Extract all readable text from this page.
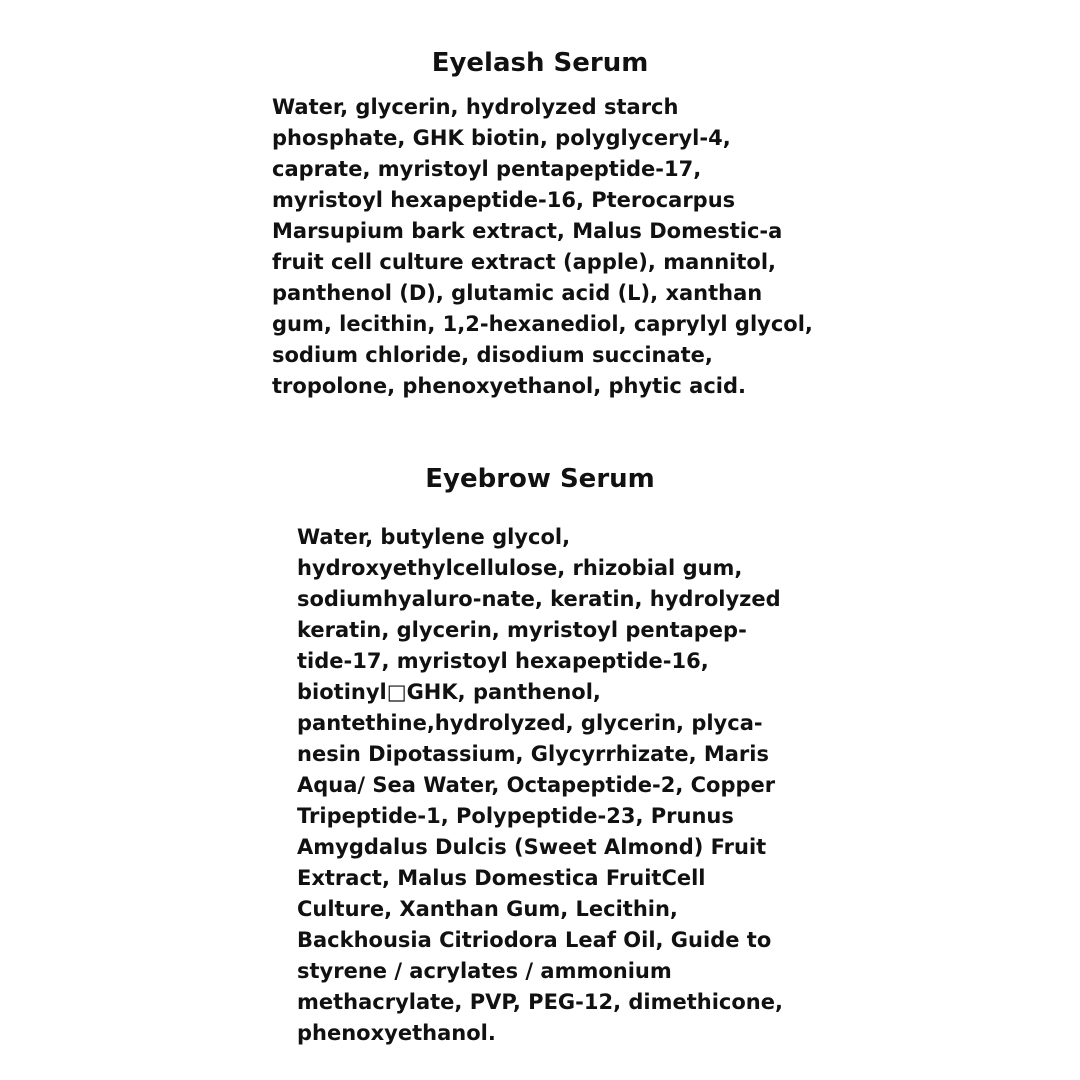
Eyelash Serum

Water, glycerin, hydrolyzed starch
phosphate, GHK biotin, polyglyceryl-4,
caprate, myristoyl pentapeptide-17,
myristoyl hexapeptide-16, Pterocarpus
Marsupium bark extract, Malus Domestic-a
fruit cell culture extract (apple), mannitol,
panthenol (D), glutamic acid (L), xanthan
gum, lecithin, 1,2-hexanediol, caprylyl glycol,
sodium chloride, disodium succinate,
tropolone, phenoxyethanol, phytic acid.

Eyebrow Serum

Water, butylene glycol,
hydroxyethylcellulose, rhizobial gum,
sodiumhyaluro-nate, keratin, hydrolyzed
keratin, glycerin, myristoyl pentapep-
tide-17, myristoyl hexapeptide-16,
biotinyl□GHK, panthenol,
pantethine,hydrolyzed, glycerin, plyca-
nesin Dipotassium, Glycyrrhizate, Maris
Aqua/ Sea Water, Octapeptide-2, Copper
Tripeptide-1, Polypeptide-23, Prunus
Amygdalus Dulcis (Sweet Almond) Fruit
Extract, Malus Domestica FruitCell
Culture, Xanthan Gum, Lecithin,
Backhousia Citriodora Leaf Oil, Guide to
styrene / acrylates / ammonium
methacrylate, PVP, PEG-12, dimethicone,
phenoxyethanol.
